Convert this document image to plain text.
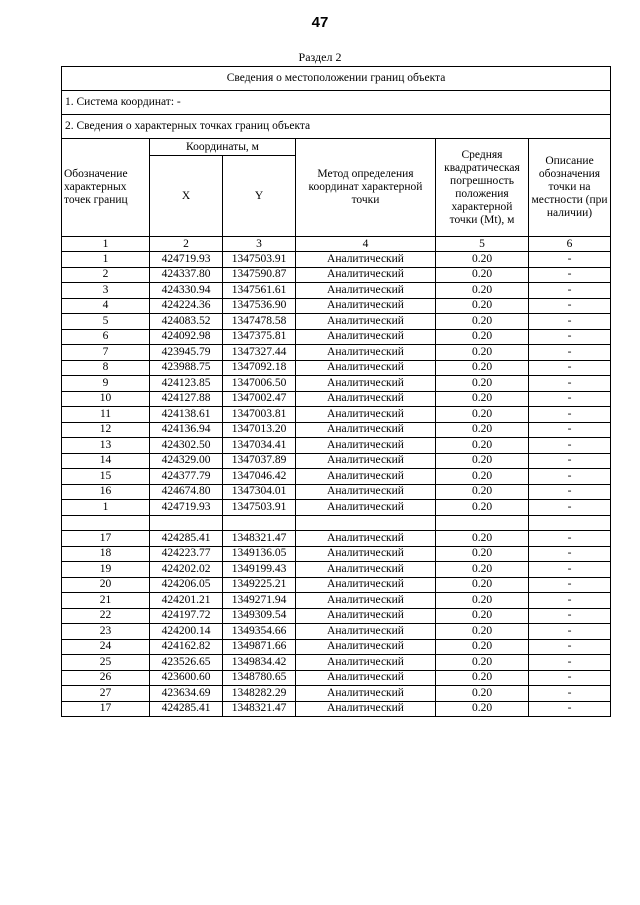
47
Раздел 2
Сведения о местоположении границ объекта					
1. Система координат: -					
2. Сведения о характерных точках границ объекта					
Обозначение характерных точек границ	Координаты, м		Метод определения координат характерной точки	Средняя квадратическая погрешность положения характерной точки (Mt), м	Описание обозначения точки на местности (при наличии)
	X	Y			
1	2	3	4	5	6
1	424719.93	1347503.91	Аналитический	0.20	-
2	424337.80	1347590.87	Аналитический	0.20	-
3	424330.94	1347561.61	Аналитический	0.20	-
4	424224.36	1347536.90	Аналитический	0.20	-
5	424083.52	1347478.58	Аналитический	0.20	-
6	424092.98	1347375.81	Аналитический	0.20	-
7	423945.79	1347327.44	Аналитический	0.20	-
8	423988.75	1347092.18	Аналитический	0.20	-
9	424123.85	1347006.50	Аналитический	0.20	-
10	424127.88	1347002.47	Аналитический	0.20	-
11	424138.61	1347003.81	Аналитический	0.20	-
12	424136.94	1347013.20	Аналитический	0.20	-
13	424302.50	1347034.41	Аналитический	0.20	-
14	424329.00	1347037.89	Аналитический	0.20	-
15	424377.79	1347046.42	Аналитический	0.20	-
16	424674.80	1347304.01	Аналитический	0.20	-
1	424719.93	1347503.91	Аналитический	0.20	-

17	424285.41	1348321.47	Аналитический	0.20	-
18	424223.77	1349136.05	Аналитический	0.20	-
19	424202.02	1349199.43	Аналитический	0.20	-
20	424206.05	1349225.21	Аналитический	0.20	-
21	424201.21	1349271.94	Аналитический	0.20	-
22	424197.72	1349309.54	Аналитический	0.20	-
23	424200.14	1349354.66	Аналитический	0.20	-
24	424162.82	1349871.66	Аналитический	0.20	-
25	423526.65	1349834.42	Аналитический	0.20	-
26	423600.60	1348780.65	Аналитический	0.20	-
27	423634.69	1348282.29	Аналитический	0.20	-
17	424285.41	1348321.47	Аналитический	0.20	-
